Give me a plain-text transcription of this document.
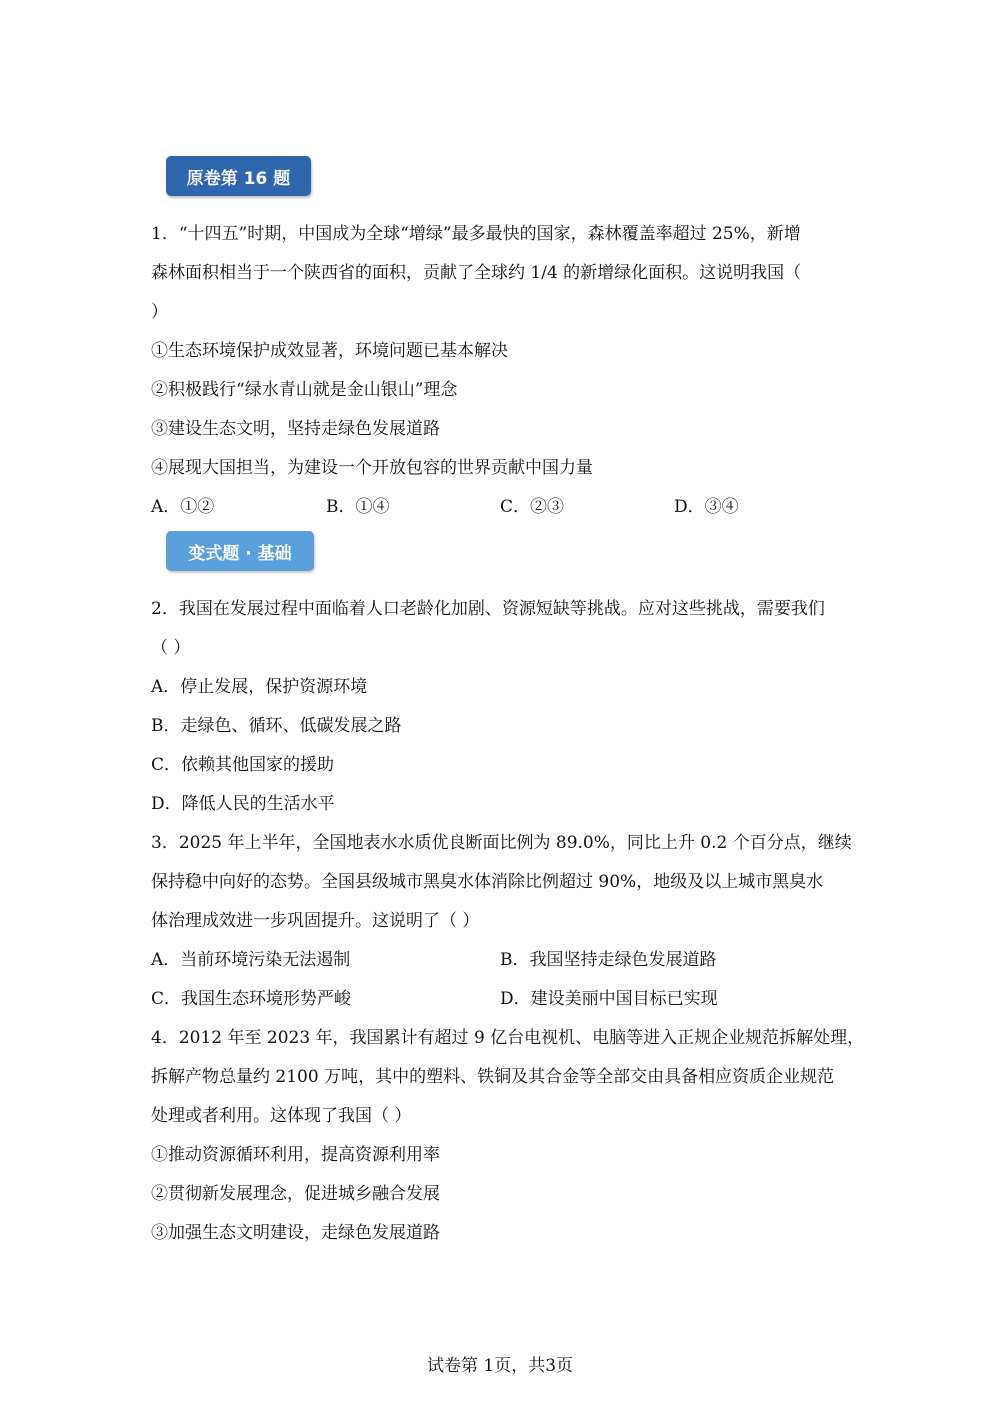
原卷第 16 题
1．“十四五”时期，中国成为全球“增绿”最多最快的国家，森林覆盖率超过 25%，新增
森林面积相当于一个陕西省的面积，贡献了全球约 1/4 的新增绿化面积。这说明我国（
）
①生态环境保护成效显著，环境问题已基本解决
②积极践行“绿水青山就是金山银山”理念
③建设生态文明，坚持走绿色发展道路
④展现大国担当，为建设一个开放包容的世界贡献中国力量
A．①②	B．①④	C．②③	D．③④
变式题 · 基础
2．我国在发展过程中面临着人口老龄化加剧、资源短缺等挑战。应对这些挑战，需要我们
（ ）
A．停止发展，保护资源环境
B．走绿色、循环、低碳发展之路
C．依赖其他国家的援助
D．降低人民的生活水平
3．2025 年上半年，全国地表水水质优良断面比例为 89.0%，同比上升 0.2 个百分点，继续
保持稳中向好的态势。全国县级城市黑臭水体消除比例超过 90%，地级及以上城市黑臭水
体治理成效进一步巩固提升。这说明了（ ）
A．当前环境污染无法遏制	B．我国坚持走绿色发展道路
C．我国生态环境形势严峻	D．建设美丽中国目标已实现
4．2012 年至 2023 年，我国累计有超过 9 亿台电视机、电脑等进入正规企业规范拆解处理，
拆解产物总量约 2100 万吨，其中的塑料、铁铜及其合金等全部交由具备相应资质企业规范
处理或者利用。这体现了我国（ ）
①推动资源循环利用，提高资源利用率
②贯彻新发展理念，促进城乡融合发展
③加强生态文明建设，走绿色发展道路
试卷第 1页，共3页
